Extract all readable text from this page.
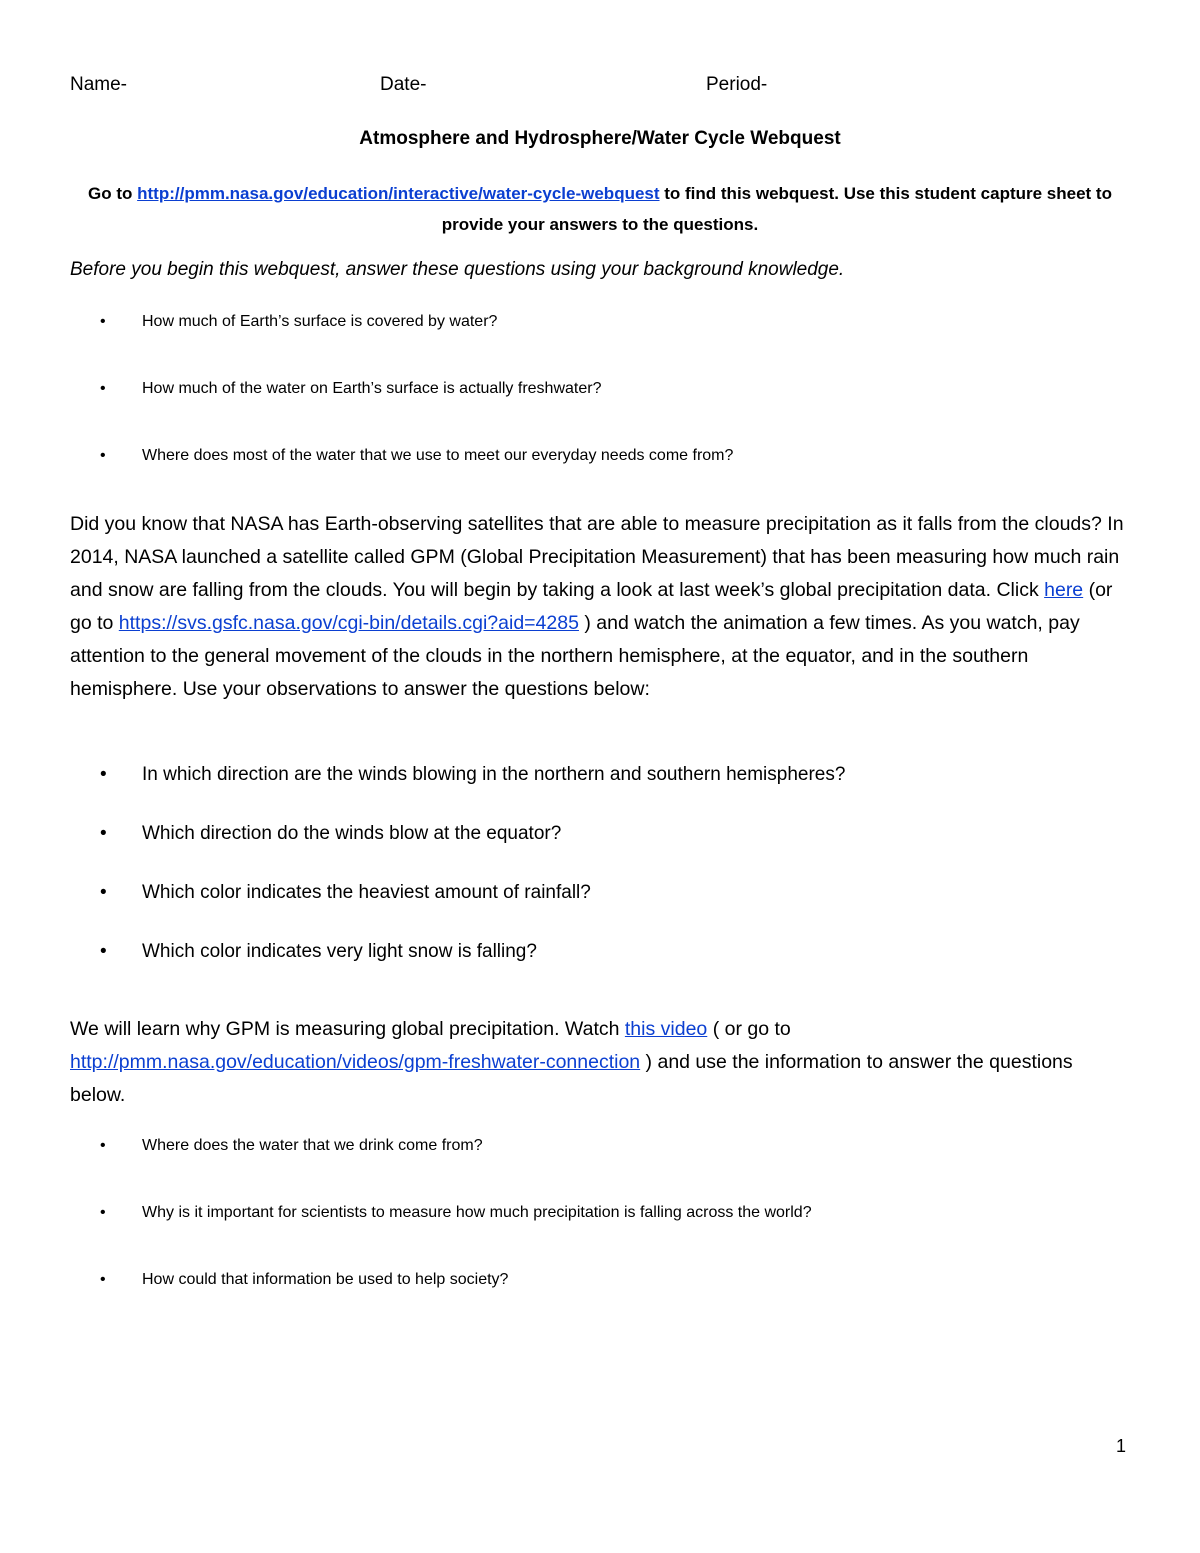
Name-	Date-	Period-
Atmosphere and Hydrosphere/Water Cycle Webquest
Go to http://pmm.nasa.gov/education/interactive/water-cycle-webquest to find this webquest. Use this student capture sheet to provide your answers to the questions.
Before you begin this webquest, answer these questions using your background knowledge.
• How much of Earth’s surface is covered by water?
• How much of the water on Earth’s surface is actually freshwater?
• Where does most of the water that we use to meet our everyday needs come from?
Did you know that NASA has Earth-observing satellites that are able to measure precipitation as it falls from the clouds? In 2014, NASA launched a satellite called GPM (Global Precipitation Measurement) that has been measuring how much rain and snow are falling from the clouds. You will begin by taking a look at last week’s global precipitation data. Click here (or go to https://svs.gsfc.nasa.gov/cgi-bin/details.cgi?aid=4285 ) and watch the animation a few times. As you watch, pay attention to the general movement of the clouds in the northern hemisphere, at the equator, and in the southern hemisphere. Use your observations to answer the questions below:
• In which direction are the winds blowing in the northern and southern hemispheres?
• Which direction do the winds blow at the equator?
• Which color indicates the heaviest amount of rainfall?
• Which color indicates very light snow is falling?
We will learn why GPM is measuring global precipitation. Watch this video ( or go to http://pmm.nasa.gov/education/videos/gpm-freshwater-connection ) and use the information to answer the questions below.
• Where does the water that we drink come from?
• Why is it important for scientists to measure how much precipitation is falling across the world?
• How could that information be used to help society?
1
